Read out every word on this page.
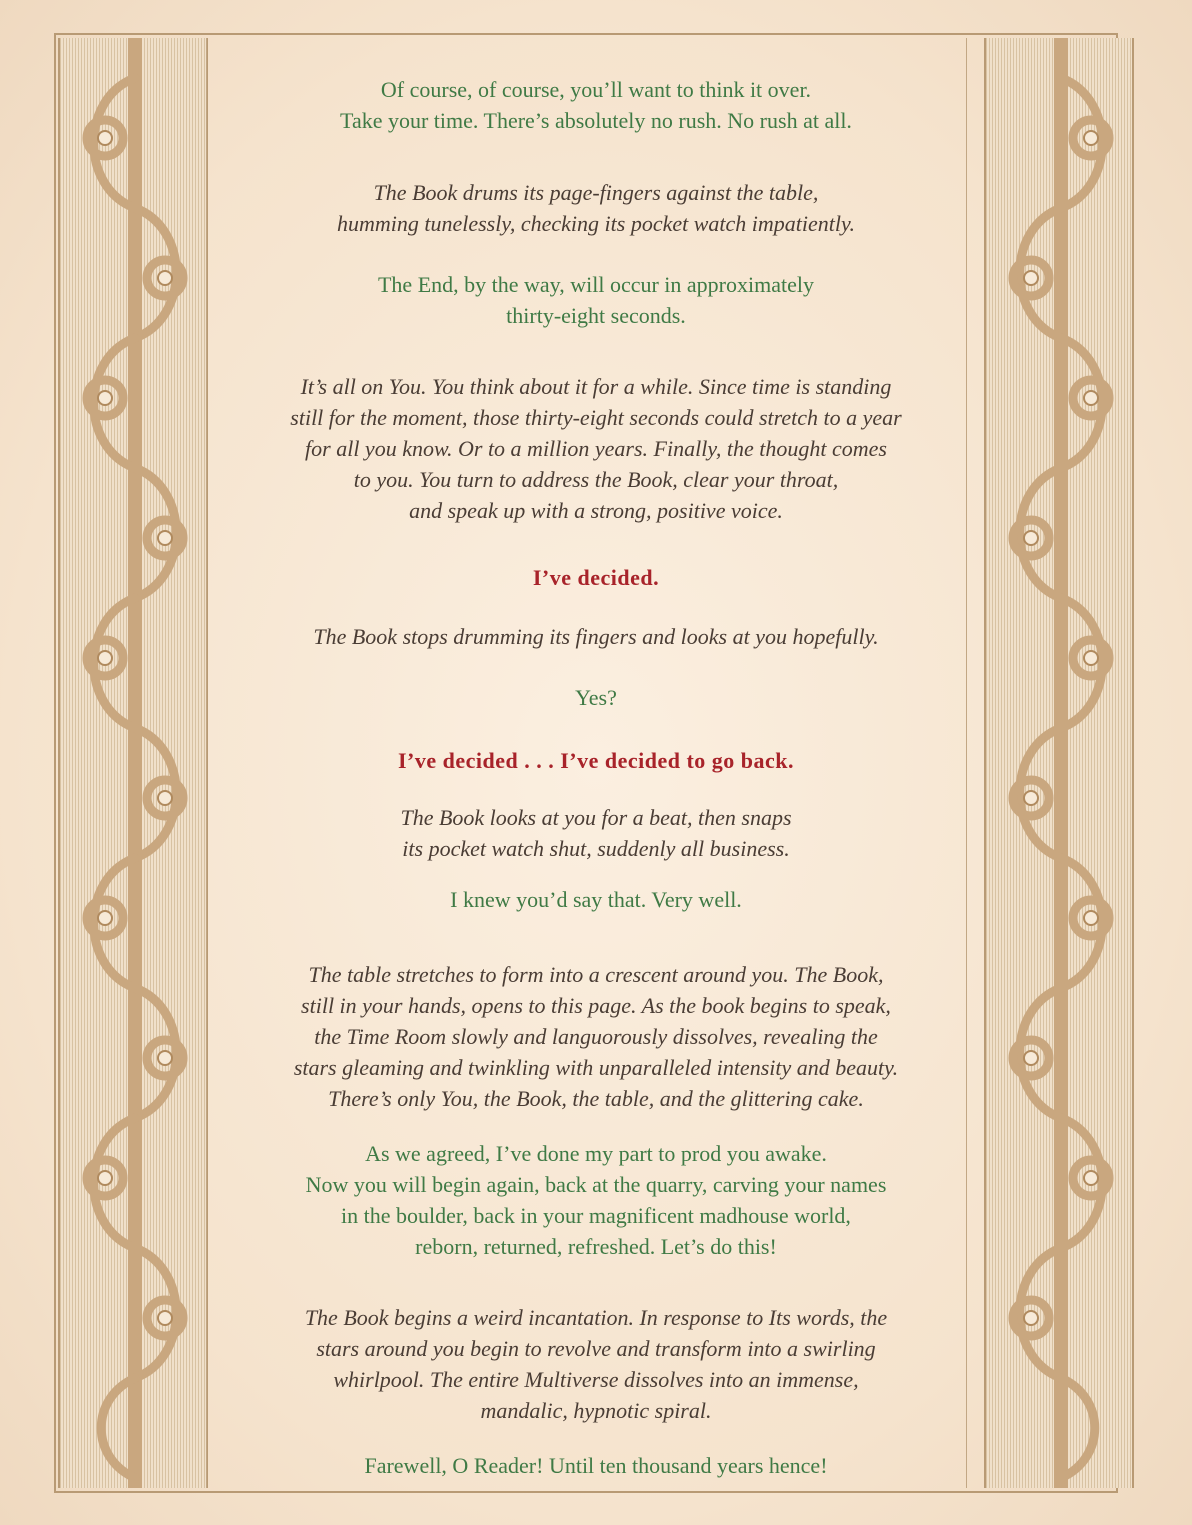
Of course, of course, you’ll want to think it over.
Take your time. There’s absolutely no rush. No rush at all.

The Book drums its page-fingers against the table,
humming tunelessly, checking its pocket watch impatiently.

The End, by the way, will occur in approximately
thirty-eight seconds.

It’s all on You. You think about it for a while. Since time is standing
still for the moment, those thirty-eight seconds could stretch to a year
for all you know. Or to a million years. Finally, the thought comes
to you. You turn to address the Book, clear your throat,
and speak up with a strong, positive voice.

I’ve decided.

The Book stops drumming its fingers and looks at you hopefully.

Yes?

I’ve decided . . . I’ve decided to go back.

The Book looks at you for a beat, then snaps
its pocket watch shut, suddenly all business.

I knew you’d say that. Very well.

The table stretches to form into a crescent around you. The Book,
still in your hands, opens to this page. As the book begins to speak,
the Time Room slowly and languorously dissolves, revealing the
stars gleaming and twinkling with unparalleled intensity and beauty.
There’s only You, the Book, the table, and the glittering cake.

As we agreed, I’ve done my part to prod you awake.
Now you will begin again, back at the quarry, carving your names
in the boulder, back in your magnificent madhouse world,
reborn, returned, refreshed. Let’s do this!

The Book begins a weird incantation. In response to Its words, the
stars around you begin to revolve and transform into a swirling
whirlpool. The entire Multiverse dissolves into an immense,
mandalic, hypnotic spiral.

Farewell, O Reader! Until ten thousand years hence!
